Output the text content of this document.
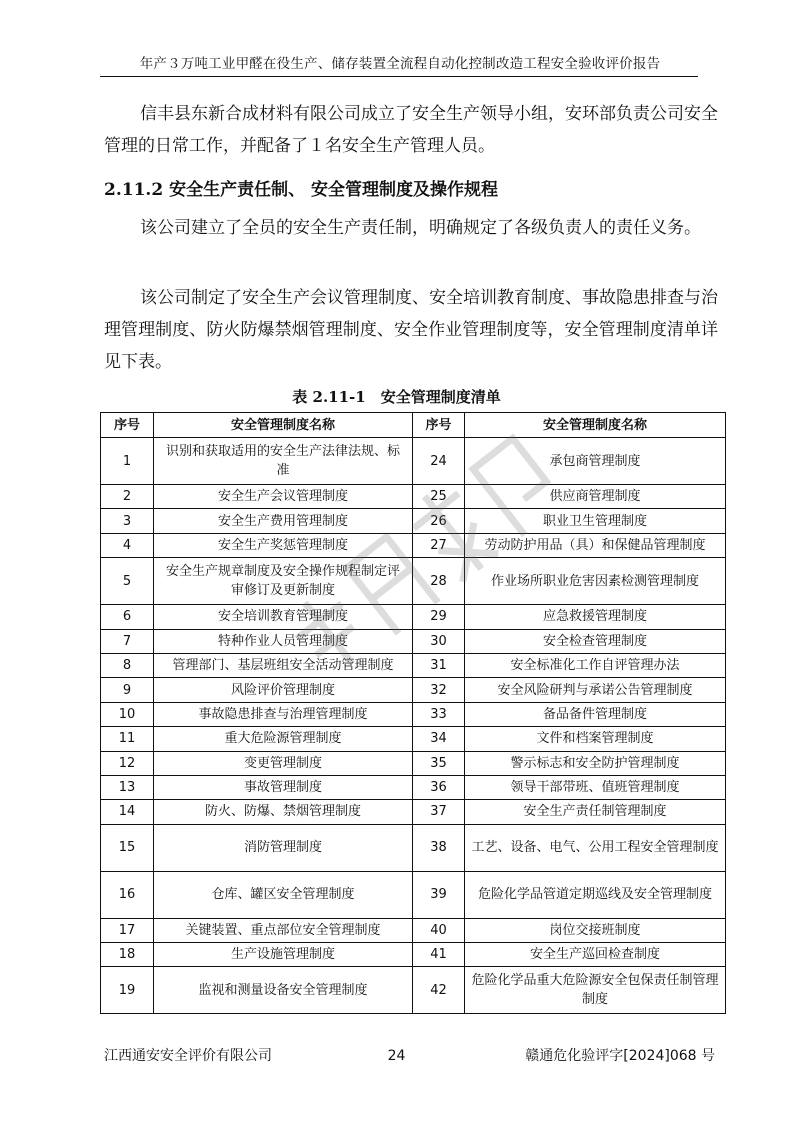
年产３万吨工业甲醛在役生产、储存装置全流程自动化控制改造工程安全验收评价报告

信丰县东新合成材料有限公司成立了安全生产领导小组，安环部负责公司安全管理的日常工作，并配备了１名安全生产管理人员。

2.11.2 安全生产责任制、 安全管理制度及操作规程

该公司建立了全员的安全生产责任制，明确规定了各级负责人的责任义务。

该公司制定了安全生产会议管理制度、安全培训教育制度、事故隐患排查与治理管理制度、防火防爆禁烟管理制度、安全作业管理制度等，安全管理制度清单详见下表。

表 2.11-1　安全管理制度清单
序号	安全管理制度名称	序号	安全管理制度名称
1	识别和获取适用的安全生产法律法规、标准	24	承包商管理制度
2	安全生产会议管理制度	25	供应商管理制度
3	安全生产费用管理制度	26	职业卫生管理制度
4	安全生产奖惩管理制度	27	劳动防护用品（具）和保健品管理制度
5	安全生产规章制度及安全操作规程制定评审修订及更新制度	28	作业场所职业危害因素检测管理制度
6	安全培训教育管理制度	29	应急救援管理制度
7	特种作业人员管理制度	30	安全检查管理制度
8	管理部门、基层班组安全活动管理制度	31	安全标准化工作自评管理办法
9	风险评价管理制度	32	安全风险研判与承诺公告管理制度
10	事故隐患排查与治理管理制度	33	备品备件管理制度
11	重大危险源管理制度	34	文件和档案管理制度
12	变更管理制度	35	警示标志和安全防护管理制度
13	事故管理制度	36	领导干部带班、值班管理制度
14	防火、防爆、禁烟管理制度	37	安全生产责任制管理制度
15	消防管理制度	38	工艺、设备、电气、公用工程安全管理制度
16	仓库、罐区安全管理制度	39	危险化学品管道定期巡线及安全管理制度
17	关键装置、重点部位安全管理制度	40	岗位交接班制度
18	生产设施管理制度	41	安全生产巡回检查制度
19	监视和测量设备安全管理制度	42	危险化学品重大危险源安全包保责任制管理制度
江西通安安全评价有限公司	24	赣通危化验评字[2024]068 号
